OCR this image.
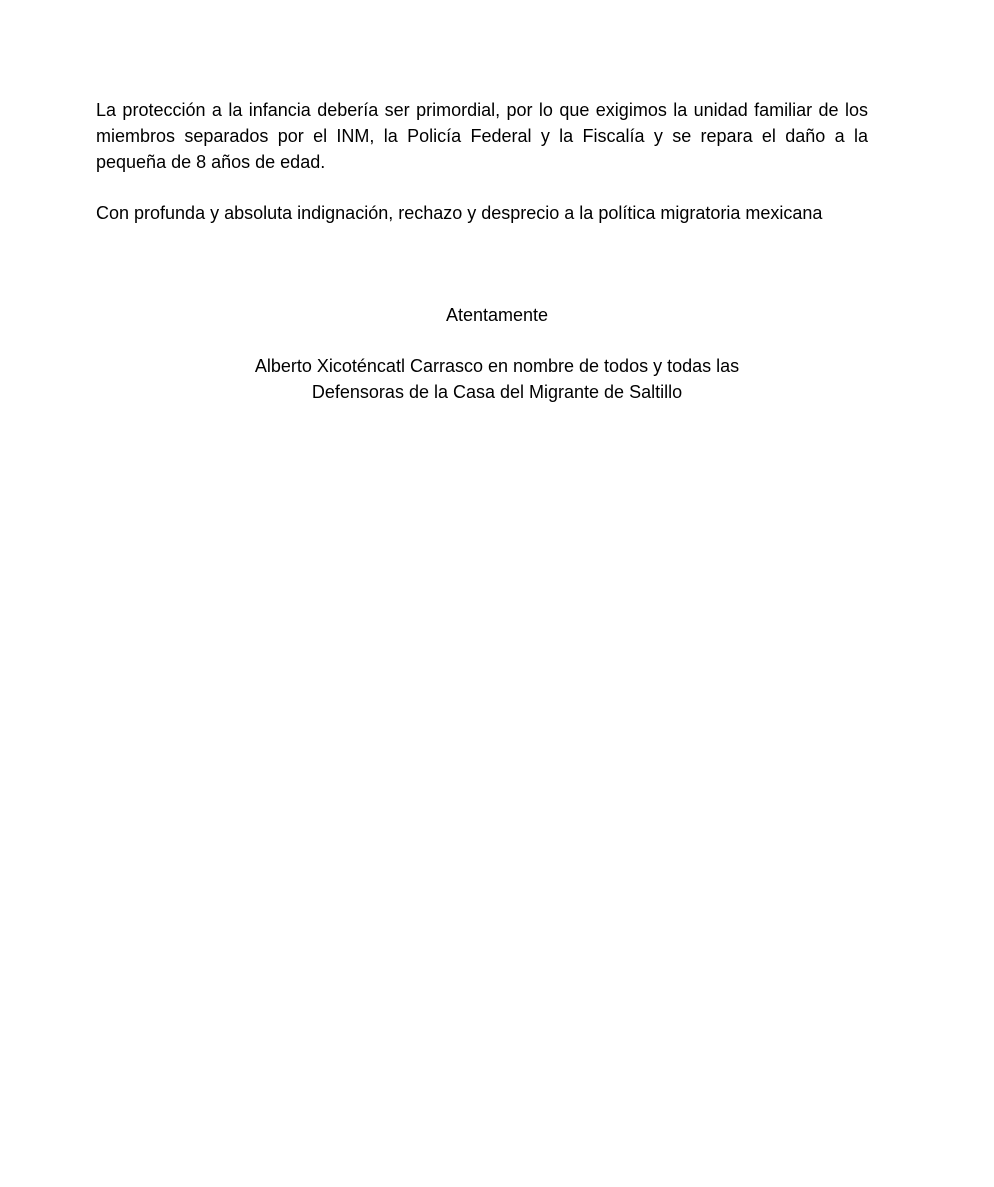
La protección a la infancia debería ser primordial, por lo que exigimos la unidad familiar de los miembros separados por el INM, la Policía Federal y la Fiscalía y se repara el daño a la pequeña de 8 años de edad.

Con profunda y absoluta indignación, rechazo y desprecio a la política migratoria mexicana

Atentamente

Alberto Xicoténcatl Carrasco en nombre de todos y todas las
Defensoras de la Casa del Migrante de Saltillo
